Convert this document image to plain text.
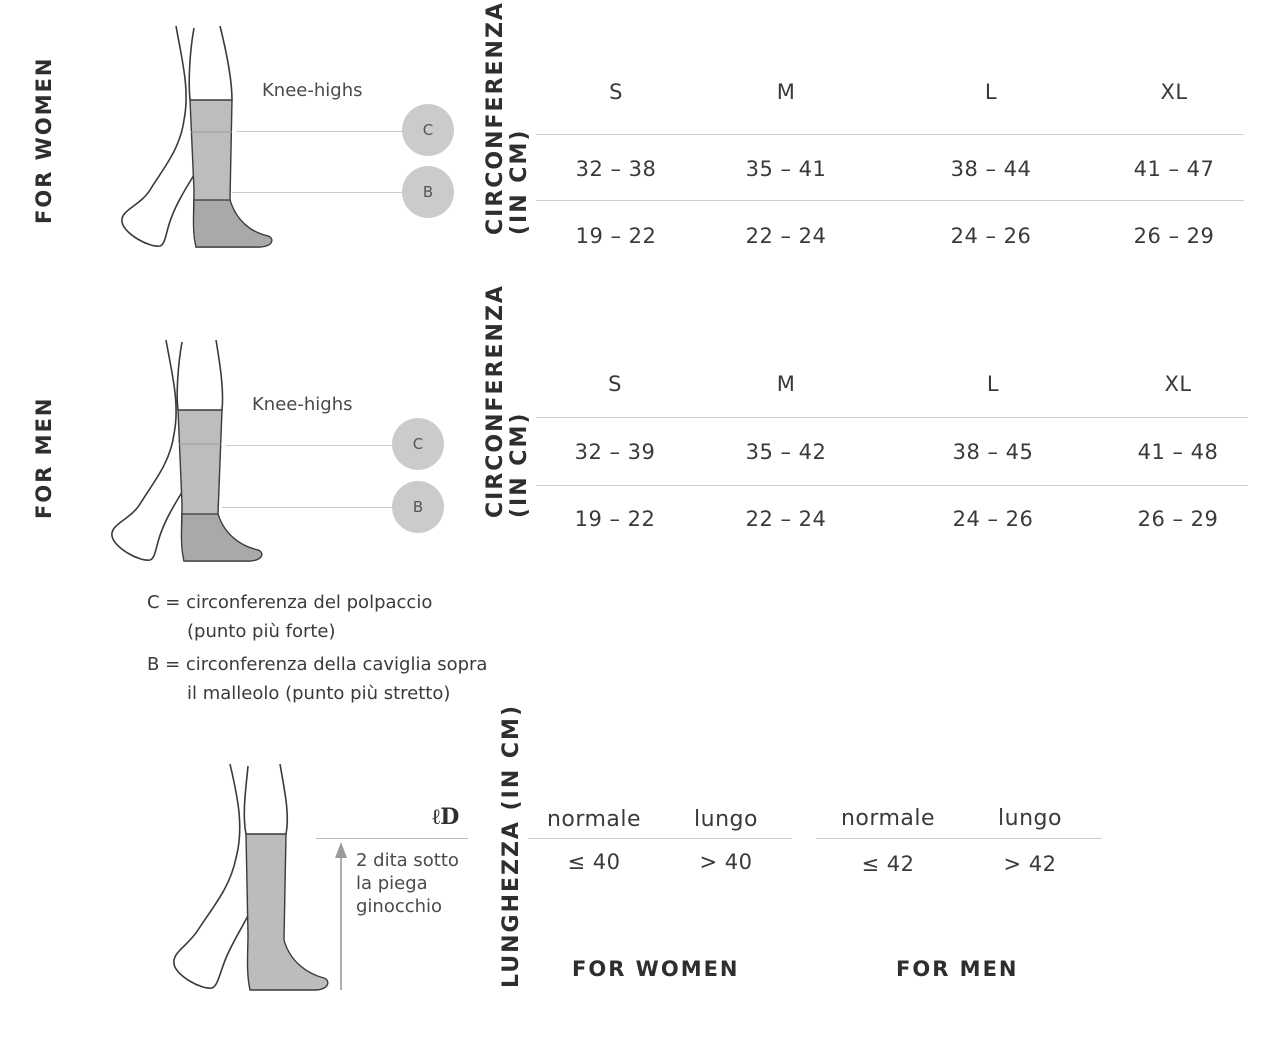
FOR WOMEN	Knee-highs
C
B	CIRCONFERENZA (IN CM)
S	M	L	XL
32 – 38	35 – 41	38 – 44	41 – 47
19 – 22	22 – 24	24 – 26	26 – 29
FOR MEN	Knee-highs
C
B	CIRCONFERENZA (IN CM)
S	M	L	XL
32 – 39	35 – 42	38 – 45	41 – 48
19 – 22	22 – 24	24 – 26	26 – 29
C = circonferenza del polpaccio
(punto più forte)
B = circonferenza della caviglia sopra
il malleolo (punto più stretto)
ℓD
2 dita sotto
la piega
ginocchio	LUNGHEZZA (IN CM)	normale	lungo
≤ 40	> 40
FOR WOMEN
normale	lungo
≤ 42	> 42
FOR MEN
